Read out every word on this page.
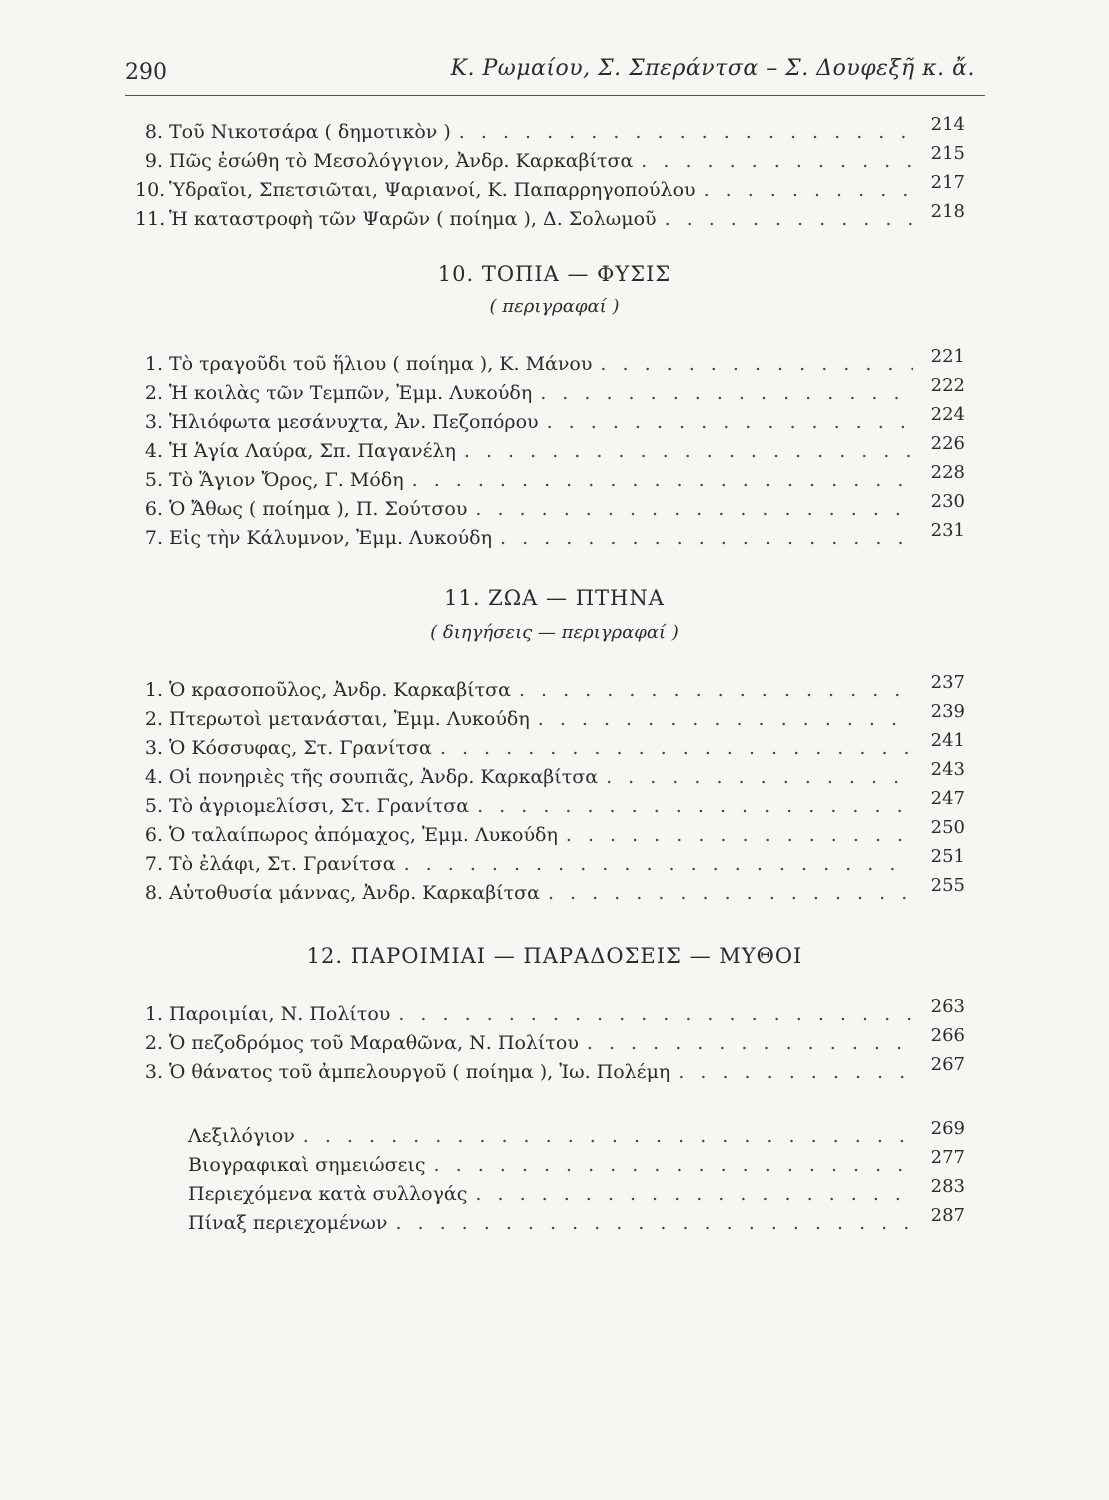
290	Κ. Ρωμαίου, Σ. Σπεράντσα – Σ. Δουφεξῆ κ. ἄ.
8. Τοῦ Νικοτσάρα ( δημοτικὸν ) . . .	214
9. Πῶς ἐσώθη τὸ Μεσολόγγιον, Ἀνδρ. Καρκαβίτσα . . .	215
10. Ὑδραῖοι, Σπετσιῶται, Ψαριανοί, Κ. Παπαρρηγοπούλου . . .	217
11. Ἡ καταστροφὴ τῶν Ψαρῶν ( ποίημα ), Δ. Σολωμοῦ . . .	218
10. ΤΟΠΙΑ — ΦΥΣΙΣ
( περιγραφαί )
1. Τὸ τραγοῦδι τοῦ ἥλιου ( ποίημα ), Κ. Μάνου . . .	221
2. Ἡ κοιλὰς τῶν Τεμπῶν, Ἐμμ. Λυκούδη . . .	222
3. Ἡλιόφωτα μεσάνυχτα, Ἀν. Πεζοπόρου . . .	224
4. Ἡ Ἁγία Λαύρα, Σπ. Παγανέλη . . .	226
5. Τὸ Ἅγιον Ὄρος, Γ. Μόδη . . .	228
6. Ὁ Ἄθως ( ποίημα ), Π. Σούτσου . . .	230
7. Εἰς τὴν Κάλυμνον, Ἐμμ. Λυκούδη . . .	231
11. ΖΩΑ — ΠΤΗΝΑ
( διηγήσεις — περιγραφαί )
1. Ὁ κρασοποῦλος, Ἀνδρ. Καρκαβίτσα . . .	237
2. Πτερωτοὶ μετανάσται, Ἐμμ. Λυκούδη . . .	239
3. Ὁ Κόσσυφας, Στ. Γρανίτσα . . .	241
4. Οἱ πονηριὲς τῆς σουπιᾶς, Ἀνδρ. Καρκαβίτσα . . .	243
5. Τὸ ἀγριομελίσσι, Στ. Γρανίτσα . . .	247
6. Ὁ ταλαίπωρος ἀπόμαχος, Ἐμμ. Λυκούδη . . .	250
7. Τὸ ἐλάφι, Στ. Γρανίτσα . . .	251
8. Αὐτοθυσία μάννας, Ἀνδρ. Καρκαβίτσα . . .	255
12. ΠΑΡΟΙΜΙΑΙ — ΠΑΡΑΔΟΣΕΙΣ — ΜΥΘΟΙ
1. Παροιμίαι, Ν. Πολίτου . . .	263
2. Ὁ πεζοδρόμος τοῦ Μαραθῶνα, Ν. Πολίτου . . .	266
3. Ὁ θάνατος τοῦ ἀμπελουργοῦ ( ποίημα ), Ἰω. Πολέμη . . .	267
Λεξιλόγιον . . .	269
Βιογραφικαὶ σημειώσεις . . .	277
Περιεχόμενα κατὰ συλλογάς . . .	283
Πίναξ περιεχομένων . . .	287
